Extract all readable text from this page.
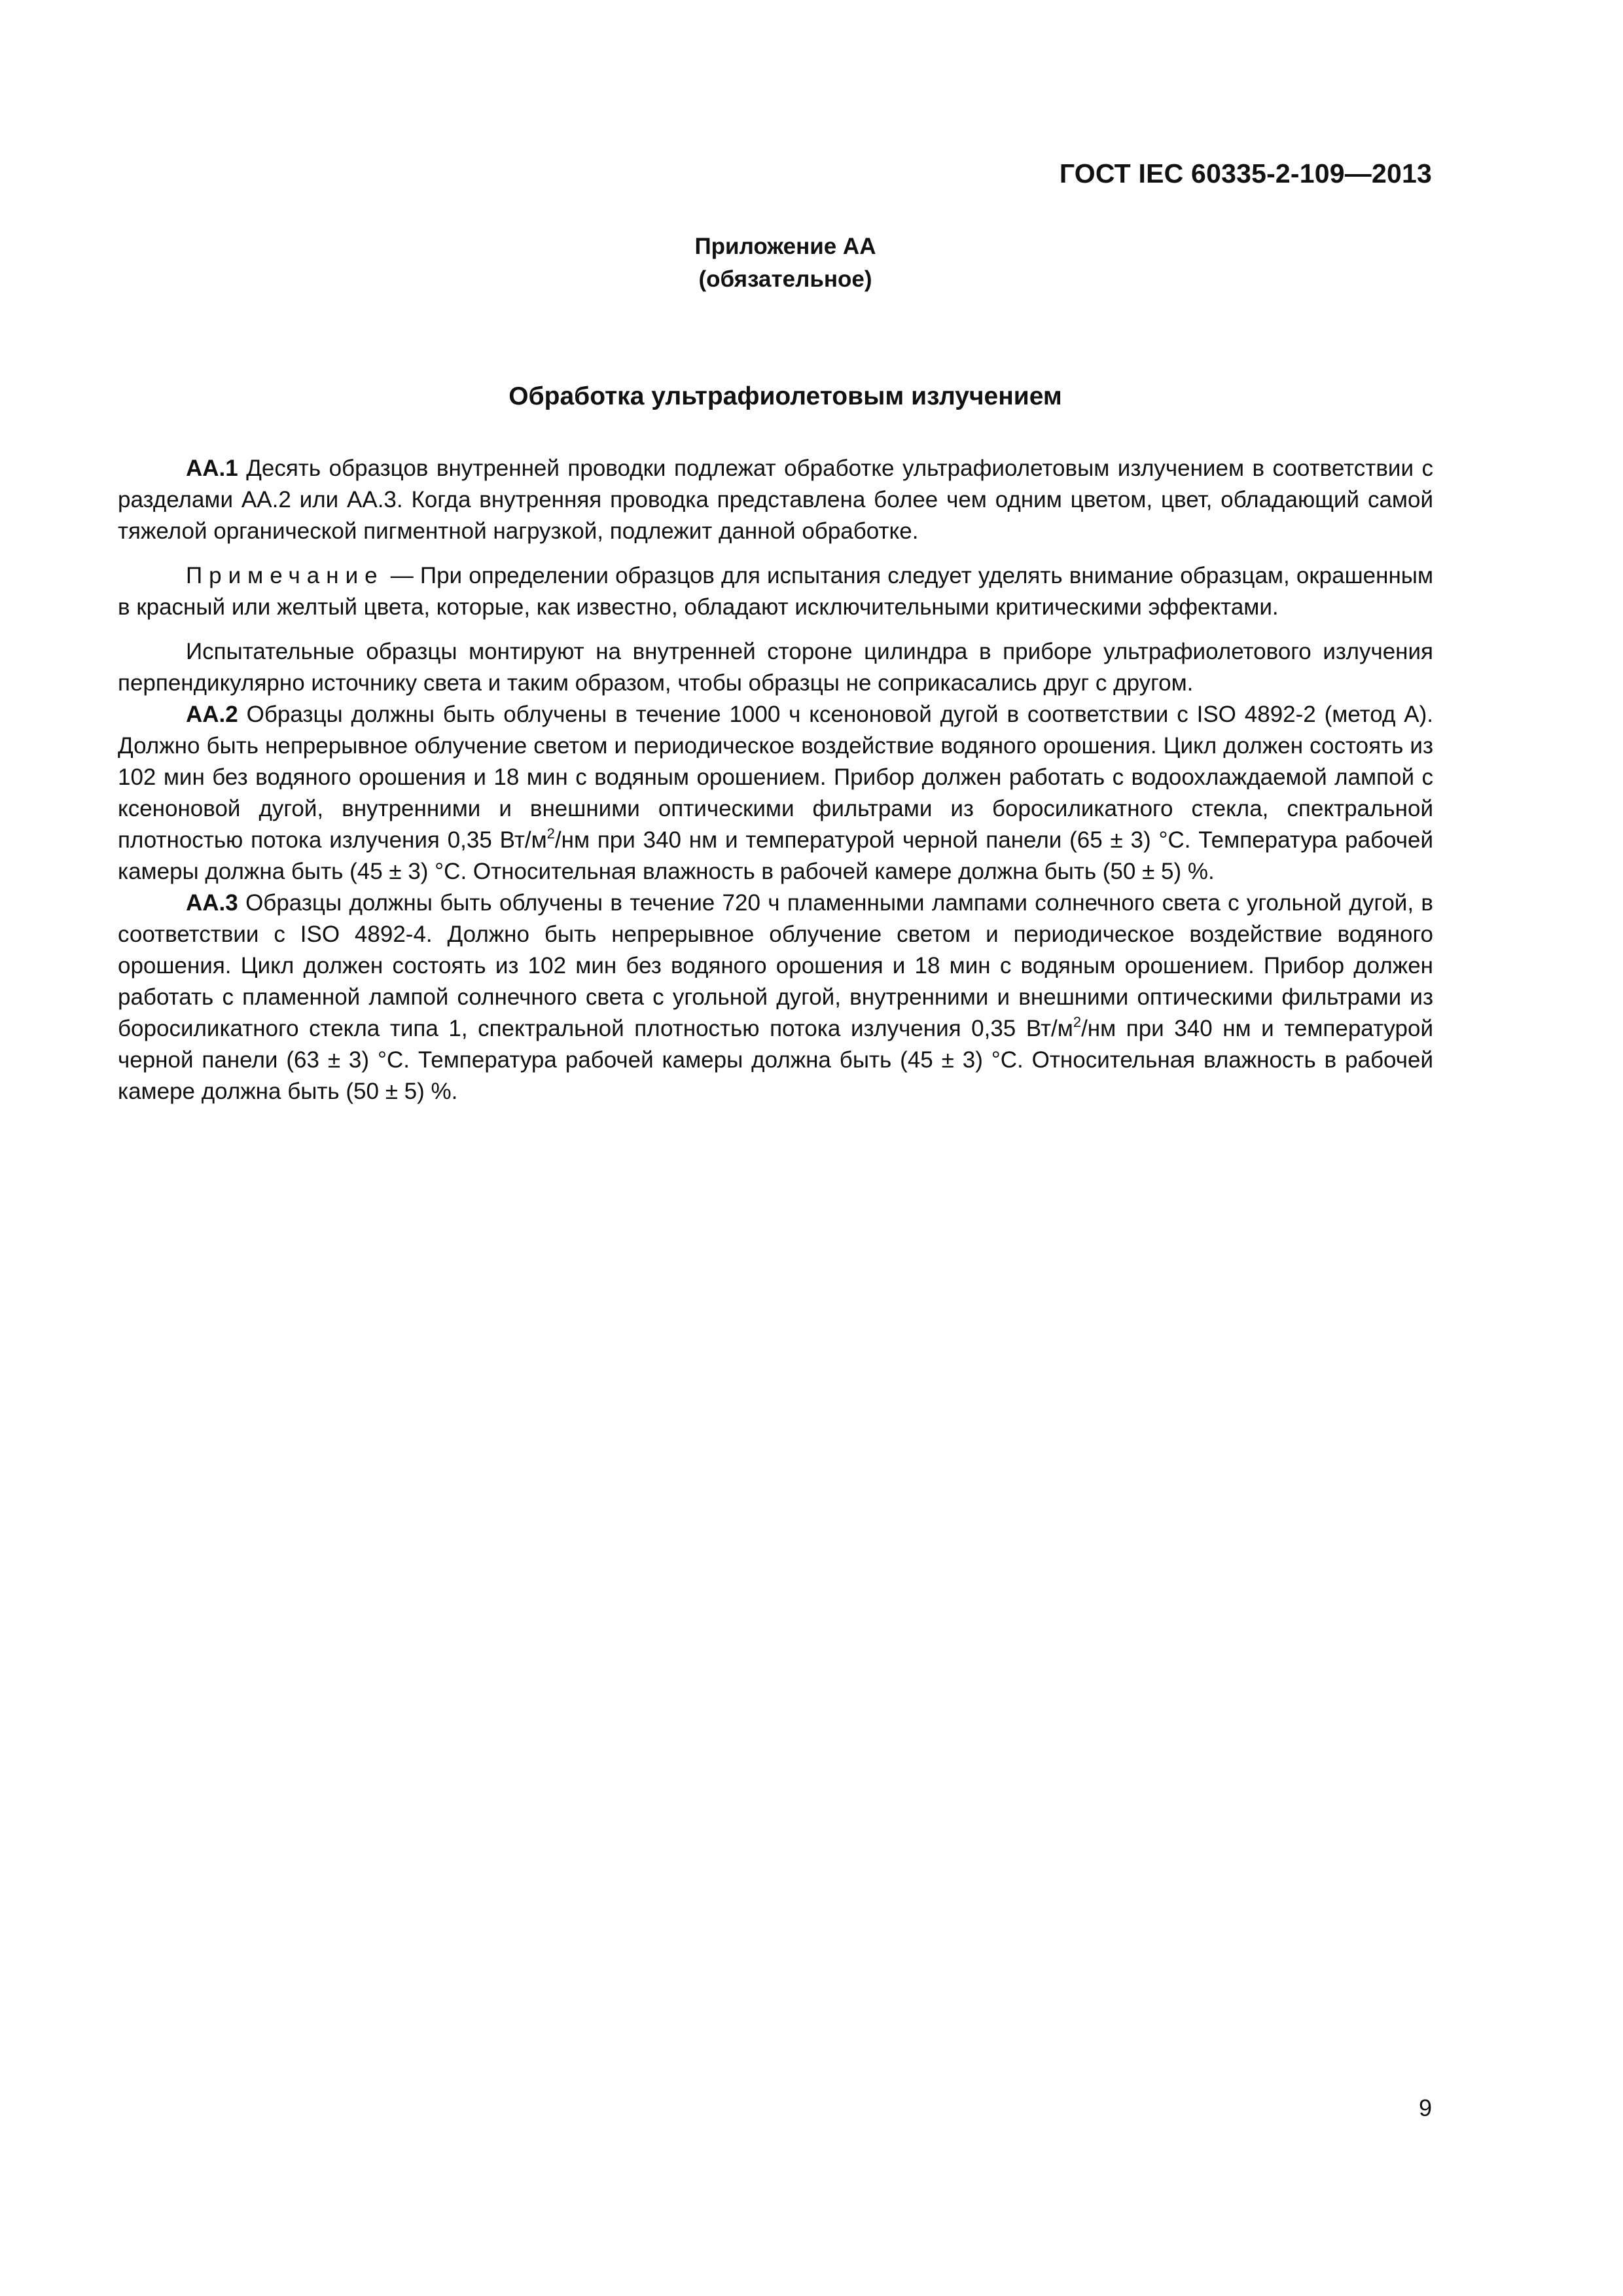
ГОСТ IEC 60335-2-109—2013
Приложение АА
(обязательное)
Обработка ультрафиолетовым излучением

АА.1 Десять образцов внутренней проводки подлежат обработке ультрафиолетовым излучением в соответствии с разделами АА.2 или АА.3. Когда внутренняя проводка представлена более чем одним цветом, цвет, обладающий самой тяжелой органической пигментной нагрузкой, подлежит данной обработке.

Примечание — При определении образцов для испытания следует уделять внимание образцам, окрашенным в красный или желтый цвета, которые, как известно, обладают исключительными критическими эффектами.

Испытательные образцы монтируют на внутренней стороне цилиндра в приборе ультрафиолетового излучения перпендикулярно источнику света и таким образом, чтобы образцы не соприкасались друг с другом.

АА.2 Образцы должны быть облучены в течение 1000 ч ксеноновой дугой в соответствии с ISO 4892-2 (метод А). Должно быть непрерывное облучение светом и периодическое воздействие водяного орошения. Цикл должен состоять из 102 мин без водяного орошения и 18 мин с водяным орошением. Прибор должен работать с водоохлаждаемой лампой с ксеноновой дугой, внутренними и внешними оптическими фильтрами из боросиликатного стекла, спектральной плотностью потока излучения 0,35 $Вт/м^2/нм$ при 340 нм и температурой черной панели (65 ± 3) °С. Температура рабочей камеры должна быть (45 ± 3) °С. Относительная влажность в рабочей камере должна быть (50 ± 5) %.

АА.3 Образцы должны быть облучены в течение 720 ч пламенными лампами солнечного света с угольной дугой, в соответствии с ISO 4892-4. Должно быть непрерывное облучение светом и периодическое воздействие водяного орошения. Цикл должен состоять из 102 мин без водяного орошения и 18 мин с водяным орошением. Прибор должен работать с пламенной лампой солнечного света с угольной дугой, внутренними и внешними оптическими фильтрами из боросиликатного стекла типа 1, спектральной плотностью потока излучения 0,35 $Вт/м^2/нм$ при 340 нм и температурой черной панели (63 ± 3) °С. Температура рабочей камеры должна быть (45 ± 3) °С. Относительная влажность в рабочей камере должна быть (50 ± 5) %.

9
